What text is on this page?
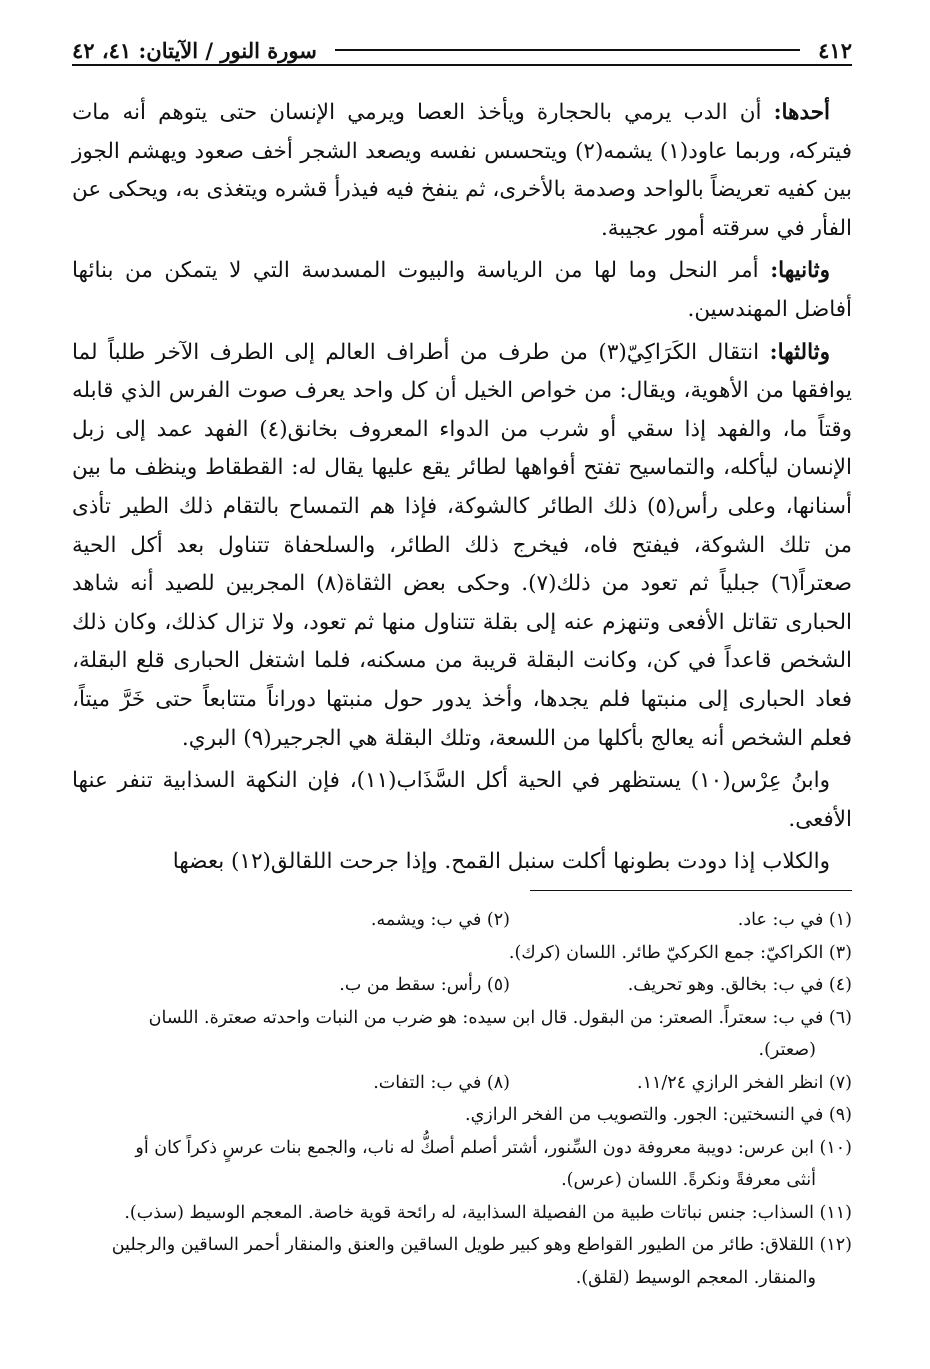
٤١٢
سورة النور / الآيتان: ٤١، ٤٢

أحدها: أن الدب يرمي بالحجارة ويأخذ العصا ويرمي الإنسان حتى يتوهم أنه مات فيتركه، وربما عاود(١) يشمه(٢) ويتحسس نفسه ويصعد الشجر أخف صعود ويهشم الجوز بين كفيه تعريضاً بالواحد وصدمة بالأخرى، ثم ينفخ فيه فيذرأ قشره ويتغذى به، ويحكى عن الفأر في سرقته أمور عجيبة.

وثانيها: أمر النحل وما لها من الرياسة والبيوت المسدسة التي لا يتمكن من بنائها أفاضل المهندسين.

وثالثها: انتقال الكَرَاكِيّ(٣) من طرف من أطراف العالم إلى الطرف الآخر طلباً لما يوافقها من الأهوية، ويقال: من خواص الخيل أن كل واحد يعرف صوت الفرس الذي قابله وقتاً ما، والفهد إذا سقي أو شرب من الدواء المعروف بخانق(٤) الفهد عمد إلى زبل الإنسان ليأكله، والتماسيح تفتح أفواهها لطائر يقع عليها يقال له: القطقاط وينظف ما بين أسنانها، وعلى رأس(٥) ذلك الطائر كالشوكة، فإذا هم التمساح بالتقام ذلك الطير تأذى من تلك الشوكة، فيفتح فاه، فيخرج ذلك الطائر، والسلحفاة تتناول بعد أكل الحية صعتراً(٦) جبلياً ثم تعود من ذلك(٧). وحكى بعض الثقاة(٨) المجربين للصيد أنه شاهد الحبارى تقاتل الأفعى وتنهزم عنه إلى بقلة تتناول منها ثم تعود، ولا تزال كذلك، وكان ذلك الشخص قاعداً في كن، وكانت البقلة قريبة من مسكنه، فلما اشتغل الحبارى قلع البقلة، فعاد الحبارى إلى منبتها فلم يجدها، وأخذ يدور حول منبتها دوراناً متتابعاً حتى خَرَّ ميتاً، فعلم الشخص أنه يعالج بأكلها من اللسعة، وتلك البقلة هي الجرجير(٩) البري.

وابنُ عِرْس(١٠) يستظهر في الحية أكل السَّذَاب(١١)، فإن النكهة السذابية تنفر عنها الأفعى.

والكلاب إذا دودت بطونها أكلت سنبل القمح. وإذا جرحت اللقالق(١٢) بعضها

(١) في ب: عاد.
(٢) في ب: ويشمه.

(٣) الكراكيّ: جمع الكركيّ طائر. اللسان (كرك).

(٤) في ب: بخالق. وهو تحريف.
(٥) رأس: سقط من ب.

(٦) في ب: سعتراً. الصعتر: من البقول. قال ابن سيده: هو ضرب من النبات واحدته صعترة. اللسان

(صعتر).

(٧) انظر الفخر الرازي ١١/٢٤.
(٨) في ب: التفات.

(٩) في النسختين: الجور. والتصويب من الفخر الرازي.

(١٠) ابن عرس: دويبة معروفة دون السِّنور، أشتر أصلم أصكُّ له ناب، والجمع بنات عرسٍ ذكراً كان أو

أنثى معرفةً ونكرةً. اللسان (عرس).

(١١) السذاب: جنس نباتات طبية من الفصيلة السذابية، له رائحة قوية خاصة. المعجم الوسيط (سذب).

(١٢) اللقلاق: طائر من الطيور القواطع وهو كبير طويل الساقين والعنق والمنقار أحمر الساقين والرجلين

والمنقار. المعجم الوسيط (لقلق).
